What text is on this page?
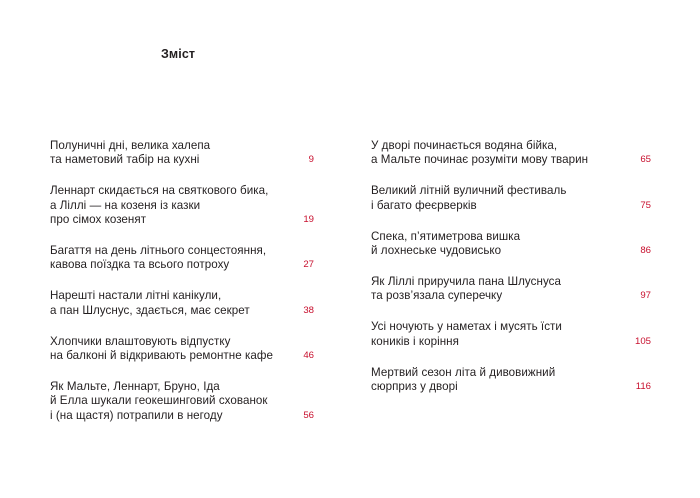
Зміст
Полуничні дні, велика халепа
та наметовий табір на кухні	9
Леннарт скидається на святкового бика,
а Ліллі — на козеня із казки
про сімох козенят	19
Багаття на день літнього сонцестояння,
кавова поїздка та всього потроху	27
Нарешті настали літні канікули,
а пан Шлуснус, здається, має секрет	38
Хлопчики влаштовують відпустку
на балконі й відкривають ремонтне кафе	46
Як Мальте, Леннарт, Бруно, Іда
й Елла шукали геокешинговий схованок
і (на щастя) потрапили в негоду	56
У дворі починається водяна бійка,
а Мальте починає розуміти мову тварин	65
Великий літній вуличний фестиваль
і багато феєрверків	75
Спека, п’ятиметрова вишка
й лохнеське чудовисько	86
Як Ліллі приручила пана Шлуснуса
та розв’язала суперечку	97
Усі ночують у наметах і мусять їсти
коників і коріння	105
Мертвий сезон літа й дивовижний
сюрприз у дворі	116
